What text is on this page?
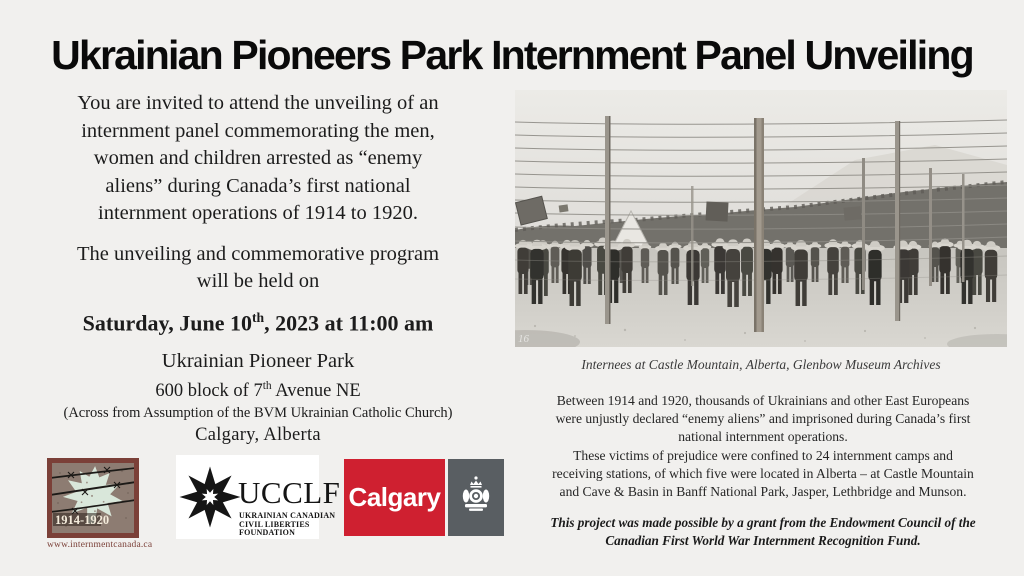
Ukrainian Pioneers Park Internment Panel Unveiling
You are invited to attend the unveiling of an
internment panel commemorating the men,
women and children arrested as “enemy
aliens” during Canada’s first national
internment operations of 1914 to 1920.
The unveiling and commemorative program
will be held on
Saturday, June 10th, 2023 at 11:00 am
Ukrainian Pioneer Park
600 block of 7th Avenue NE
(Across from Assumption of the BVM Ukrainian Catholic Church)
Calgary, Alberta
1914-1920
www.internmentcanada.ca
UCCLF
UKRAINIAN CANADIAN
CIVIL LIBERTIES
FOUNDATION
Calgary
16
Internees at Castle Mountain, Alberta, Glenbow Museum Archives
Between 1914 and 1920, thousands of Ukrainians and other East Europeans
were unjustly declared “enemy aliens” and imprisoned during Canada’s first
national internment operations.
These victims of prejudice were confined to 24 internment camps and
receiving stations, of which five were located in Alberta – at Castle Mountain
and Cave & Basin in Banff National Park, Jasper, Lethbridge and Munson.
This project was made possible by a grant from the Endowment Council of the
Canadian First World War Internment Recognition Fund.
